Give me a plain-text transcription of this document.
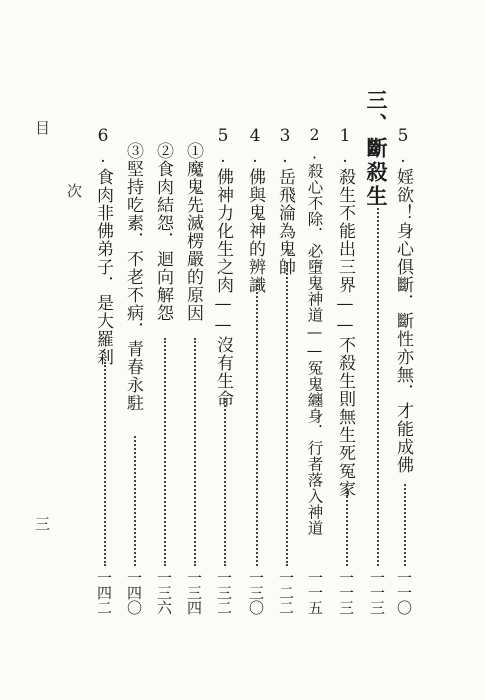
目
次
三
5.婬欲！身心俱斷．斷性亦無．才能成佛
一一〇
三、斷殺生
一一三
1.殺生不能出三界——不殺生則無生死冤家
一一三
2.殺心不除．必墮鬼神道——冤鬼纏身．行者落入神道
一一五
3.岳飛淪為鬼帥
一二二
4.佛與鬼神的辨識
一三〇
5.佛神力化生之肉——沒有生命
一三二
①魔鬼先滅楞嚴的原因
一三四
②食肉結怨．迴向解怨
一三六
③堅持吃素．不老不病．青春永駐
一四〇
6.食肉非佛弟子．是大羅剎
一四二
